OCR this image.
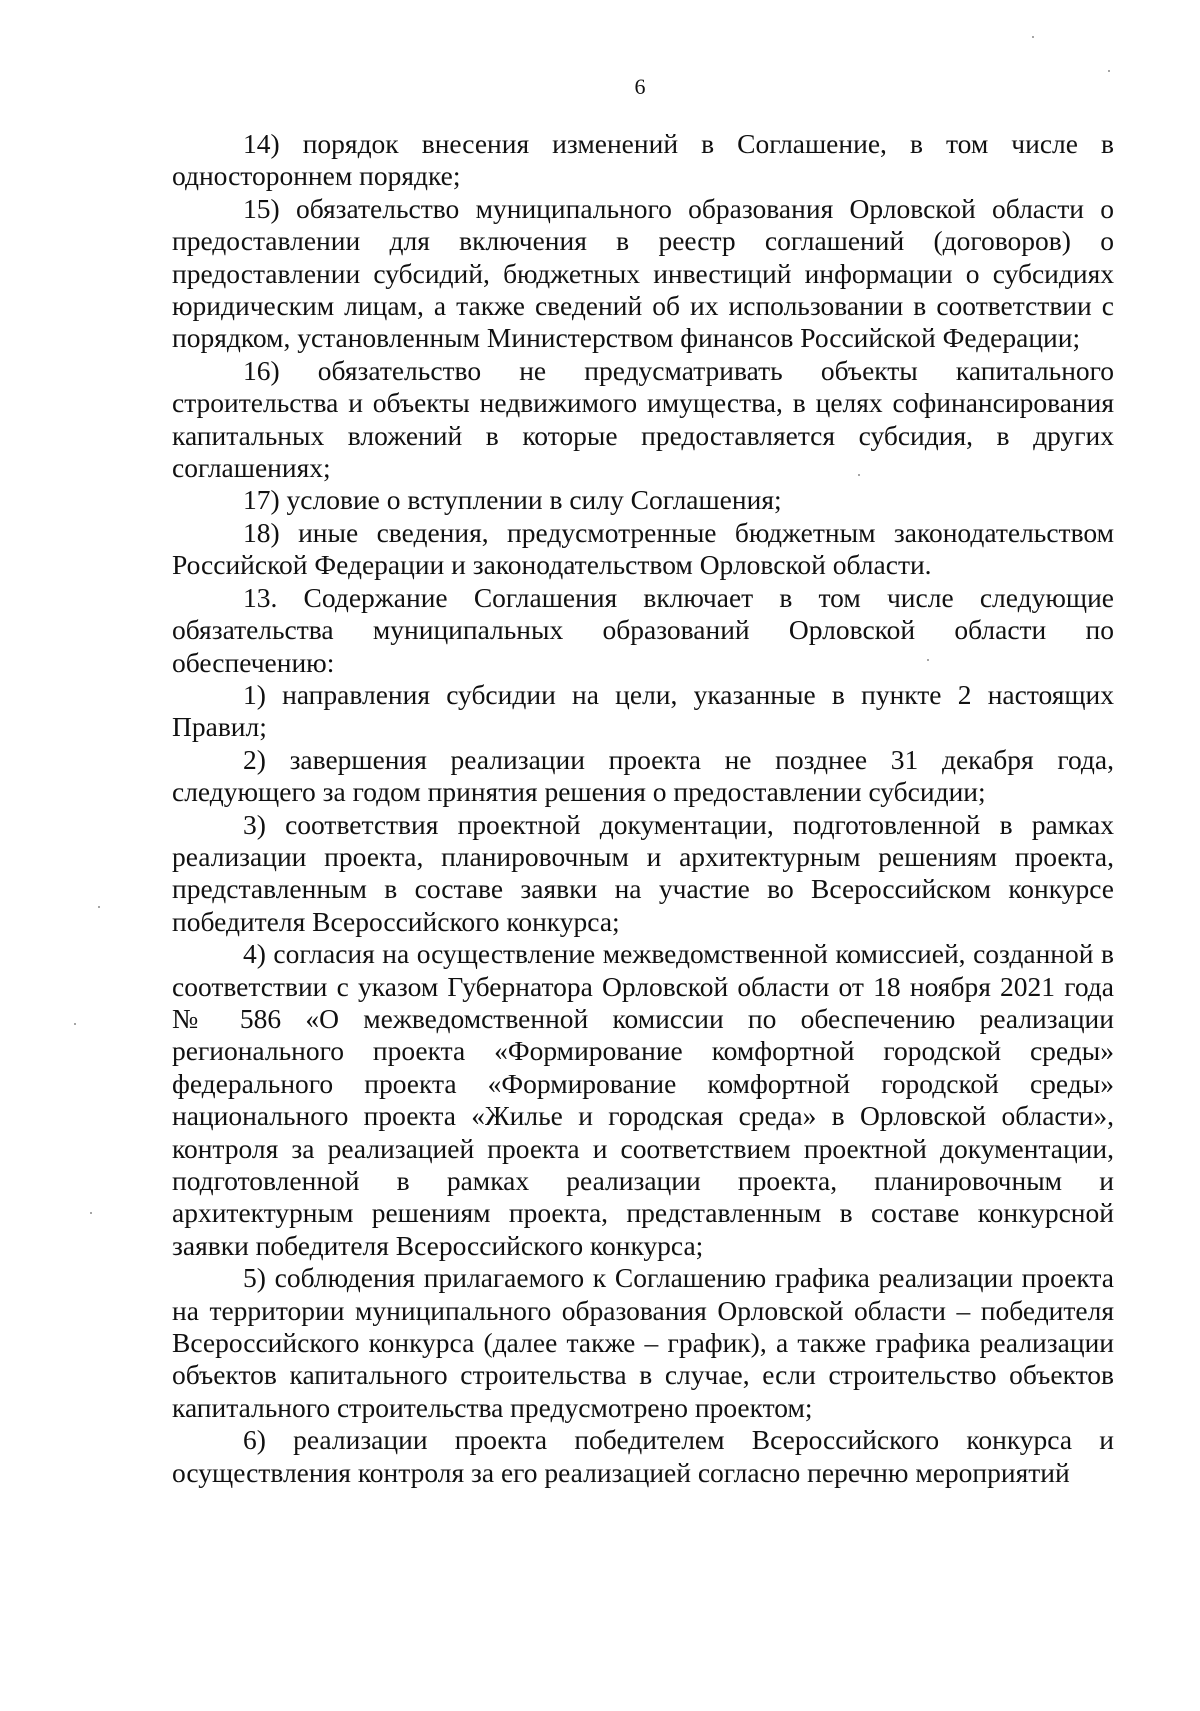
6

14) порядок внесения изменений в Соглашение, в том числе в одностороннем порядке;

15) обязательство муниципального образования Орловской области о предоставлении для включения в реестр соглашений (договоров) о предоставлении субсидий, бюджетных инвестиций информации о субсидиях юридическим лицам, а также сведений об их использовании в соответствии с порядком, установленным Министерством финансов Российской Федерации;

16) обязательство не предусматривать объекты капитального строительства и объекты недвижимого имущества, в целях софинансирования капитальных вложений в которые предоставляется субсидия, в других соглашениях;

17) условие о вступлении в силу Соглашения;

18) иные сведения, предусмотренные бюджетным законодательством Российской Федерации и законодательством Орловской области.

13. Содержание Соглашения включает в том числе следующие обязательства муниципальных образований Орловской области по обеспечению:

1) направления субсидии на цели, указанные в пункте 2 настоящих Правил;

2) завершения реализации проекта не позднее 31 декабря года, следующего за годом принятия решения о предоставлении субсидии;

3) соответствия проектной документации, подготовленной в рамках реализации проекта, планировочным и архитектурным решениям проекта, представленным в составе заявки на участие во Всероссийском конкурсе победителя Всероссийского конкурса;

4) согласия на осуществление межведомственной комиссией, созданной в соответствии с указом Губернатора Орловской области от 18 ноября 2021 года № 586 «О межведомственной комиссии по обеспечению реализации регионального проекта «Формирование комфортной городской среды» федерального проекта «Формирование комфортной городской среды» национального проекта «Жилье и городская среда» в Орловской области», контроля за реализацией проекта и соответствием проектной документации, подготовленной в рамках реализации проекта, планировочным и архитектурным решениям проекта, представленным в составе конкурсной заявки победителя Всероссийского конкурса;

5) соблюдения прилагаемого к Соглашению графика реализации проекта на территории муниципального образования Орловской области – победителя Всероссийского конкурса (далее также – график), а также графика реализации объектов капитального строительства в случае, если строительство объектов капитального строительства предусмотрено проектом;

6) реализации проекта победителем Всероссийского конкурса и осуществления контроля за его реализацией согласно перечню мероприятий
